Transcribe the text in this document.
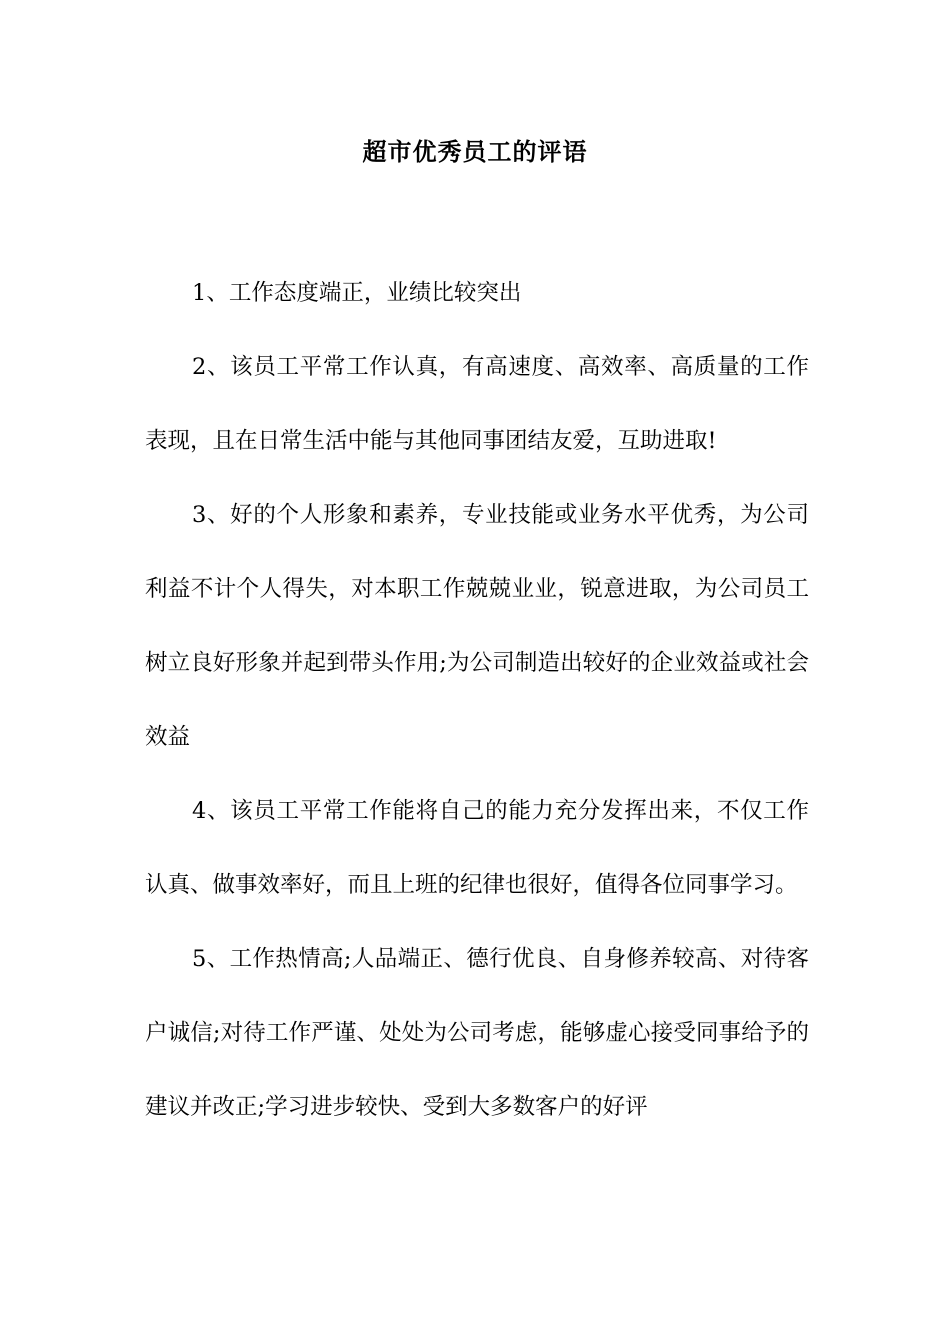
超市优秀员工的评语

1、工作态度端正，业绩比较突出

2、该员工平常工作认真，有高速度、高效率、高质量的工作表现，且在日常生活中能与其他同事团结友爱，互助进取!

3、好的个人形象和素养，专业技能或业务水平优秀，为公司利益不计个人得失，对本职工作兢兢业业，锐意进取，为公司员工树立良好形象并起到带头作用;为公司制造出较好的企业效益或社会效益

4、该员工平常工作能将自己的能力充分发挥出来，不仅工作认真、做事效率好，而且上班的纪律也很好，值得各位同事学习。

5、工作热情高;人品端正、德行优良、自身修养较高、对待客户诚信;对待工作严谨、处处为公司考虑，能够虚心接受同事给予的建议并改正;学习进步较快、受到大多数客户的好评
